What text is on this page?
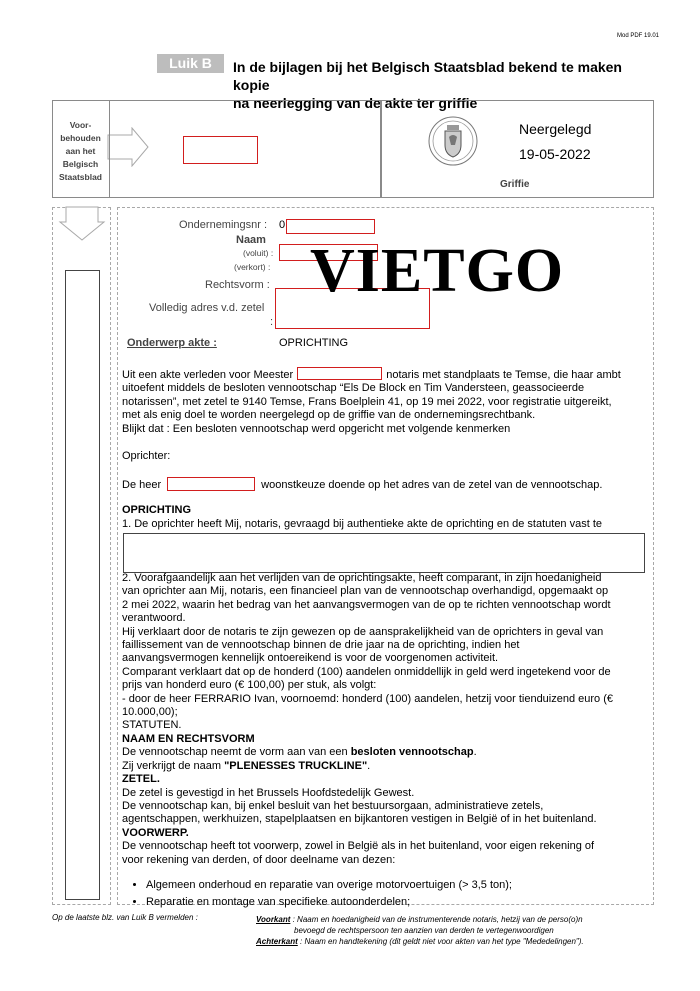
Mod PDF 19.01
Luik B	In de bijlagen bij het Belgisch Staatsblad bekend te maken kopie
na neerlegging van de akte ter griffie
Voor-
behouden
aan het
Belgisch
Staatsblad
Neergelegd
19-05-2022
Griffie
Ondernemingsnr : 0
Naam
(voluit) :
(verkort) :
Rechtsvorm :
Volledig adres v.d. zetel
:
Onderwerp akte :	OPRICHTING
VIETGO
Uit een akte verleden voor Meester	notaris met standplaats te Temse, die haar ambt
uitoefent middels de besloten vennootschap “Els De Block en Tim Vandersteen, geassocieerde
notarissen”, met zetel te 9140 Temse, Frans Boelplein 41, op 19 mei 2022, voor registratie uitgereikt,
met als enig doel te worden neergelegd op de griffie van de ondernemingsrechtbank.
Blijkt dat : Een besloten vennootschap werd opgericht met volgende kenmerken
Oprichter:
De heer	woonstkeuze doende op het adres van de zetel van de vennootschap.
OPRICHTING
1. De oprichter heeft Mij, notaris, gevraagd bij authentieke akte de oprichting en de statuten vast te
2. Voorafgaandelijk aan het verlijden van de oprichtingsakte, heeft comparant, in zijn hoedanigheid
van oprichter aan Mij, notaris, een financieel plan van de vennootschap overhandigd, opgemaakt op
2 mei 2022, waarin het bedrag van het aanvangsvermogen van de op te richten vennootschap wordt
verantwoord.
Hij verklaart door de notaris te zijn gewezen op de aansprakelijkheid van de oprichters in geval van
faillissement van de vennootschap binnen de drie jaar na de oprichting, indien het
aanvangsvermogen kennelijk ontoereikend is voor de voorgenomen activiteit.
Comparant verklaart dat op de honderd (100) aandelen onmiddellijk in geld werd ingetekend voor de
prijs van honderd euro (€ 100,00) per stuk, als volgt:
- door de heer FERRARIO Ivan, voornoemd: honderd (100) aandelen, hetzij voor tienduizend euro (€
10.000,00);
STATUTEN.
NAAM EN RECHTSVORM
De vennootschap neemt de vorm aan van een besloten vennootschap.
Zij verkrijgt de naam "PLENESSES TRUCKLINE".
ZETEL.
De zetel is gevestigd in het Brussels Hoofdstedelijk Gewest.
De vennootschap kan, bij enkel besluit van het bestuursorgaan, administratieve zetels,
agentschappen, werkhuizen, stapelplaatsen en bijkantoren vestigen in België of in het buitenland.
VOORWERP.
De vennootschap heeft tot voorwerp, zowel in België als in het buitenland, voor eigen rekening of
voor rekening van derden, of door deelname van dezen:
• Algemeen onderhoud en reparatie van overige motorvoertuigen (> 3,5 ton);
• Reparatie en montage van specifieke autoonderdelen;
Op de laatste blz. van Luik B vermelden :	Voorkant : Naam en hoedanigheid van de instrumenterende notaris, hetzij van de perso(o)n
bevoegd de rechtspersoon ten aanzien van derden te vertegenwoordigen
Achterkant : Naam en handtekening (dit geldt niet voor akten van het type "Mededelingen").
